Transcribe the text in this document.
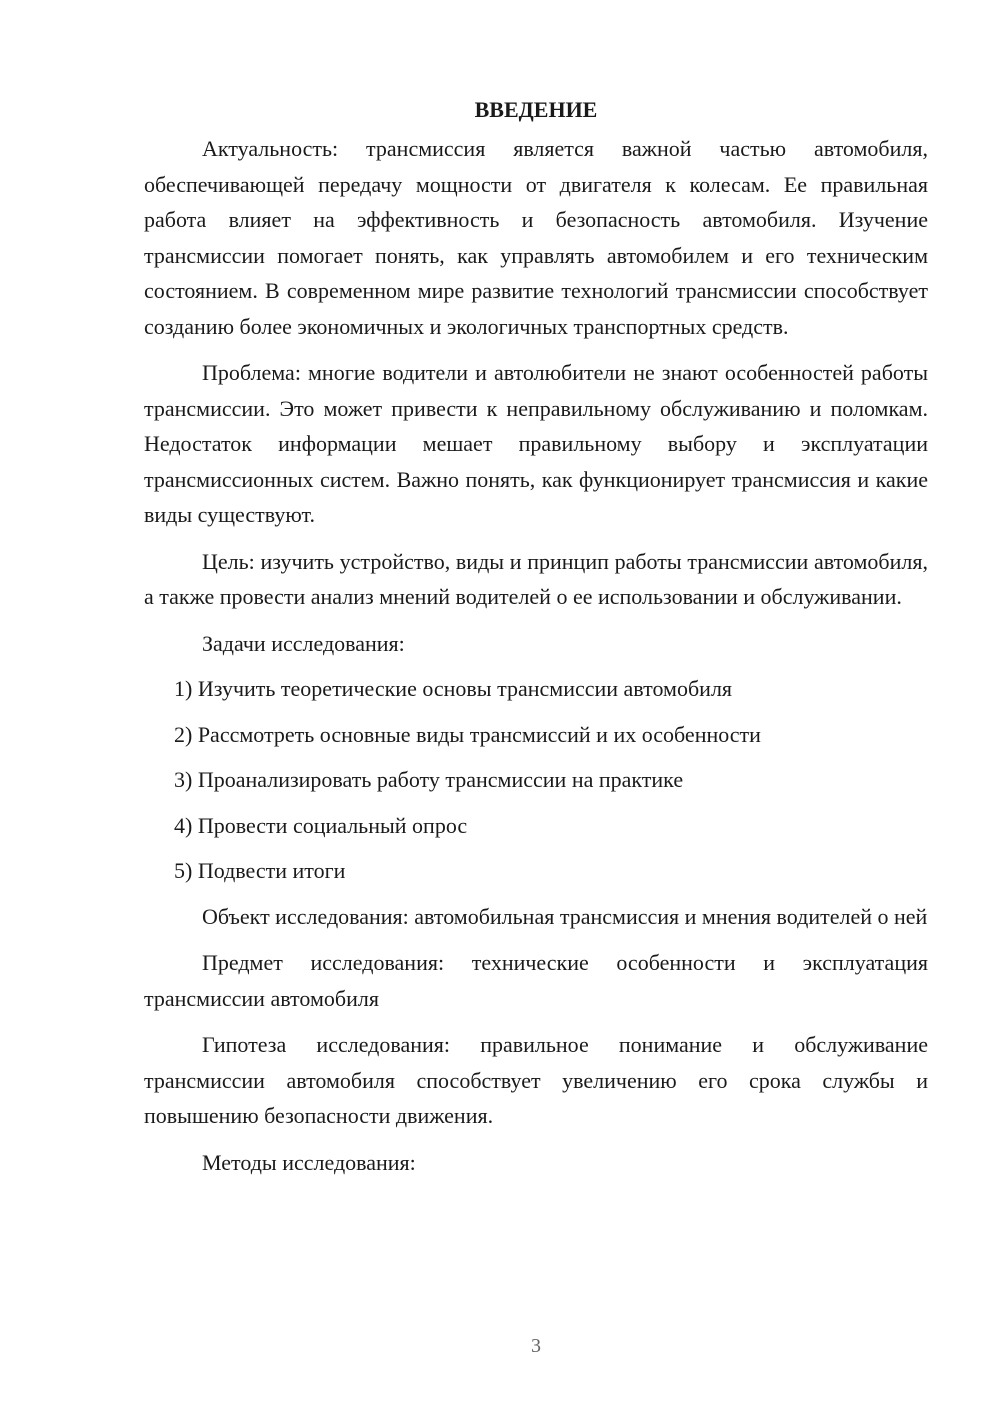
ВВЕДЕНИЕ

Актуальность: трансмиссия является важной частью автомобиля, обеспечивающей передачу мощности от двигателя к колесам. Ее правильная работа влияет на эффективность и безопасность автомобиля. Изучение трансмиссии помогает понять, как управлять автомобилем и его техническим состоянием. В современном мире развитие технологий трансмиссии способствует созданию более экономичных и экологичных транспортных средств.

Проблема: многие водители и автолюбители не знают особенностей работы трансмиссии. Это может привести к неправильному обслуживанию и поломкам. Недостаток информации мешает правильному выбору и эксплуатации трансмиссионных систем. Важно понять, как функционирует трансмиссия и какие виды существуют.

Цель: изучить устройство, виды и принцип работы трансмиссии автомобиля, а также провести анализ мнений водителей о ее использовании и обслуживании.

Задачи исследования:

1) Изучить теоретические основы трансмиссии автомобиля

2) Рассмотреть основные виды трансмиссий и их особенности

3) Проанализировать работу трансмиссии на практике

4) Провести социальный опрос

5) Подвести итоги

Объект исследования: автомобильная трансмиссия и мнения водителей о ней

Предмет исследования: технические особенности и эксплуатация трансмиссии автомобиля

Гипотеза исследования: правильное понимание и обслуживание трансмиссии автомобиля способствует увеличению его срока службы и повышению безопасности движения.

Методы исследования:

3
